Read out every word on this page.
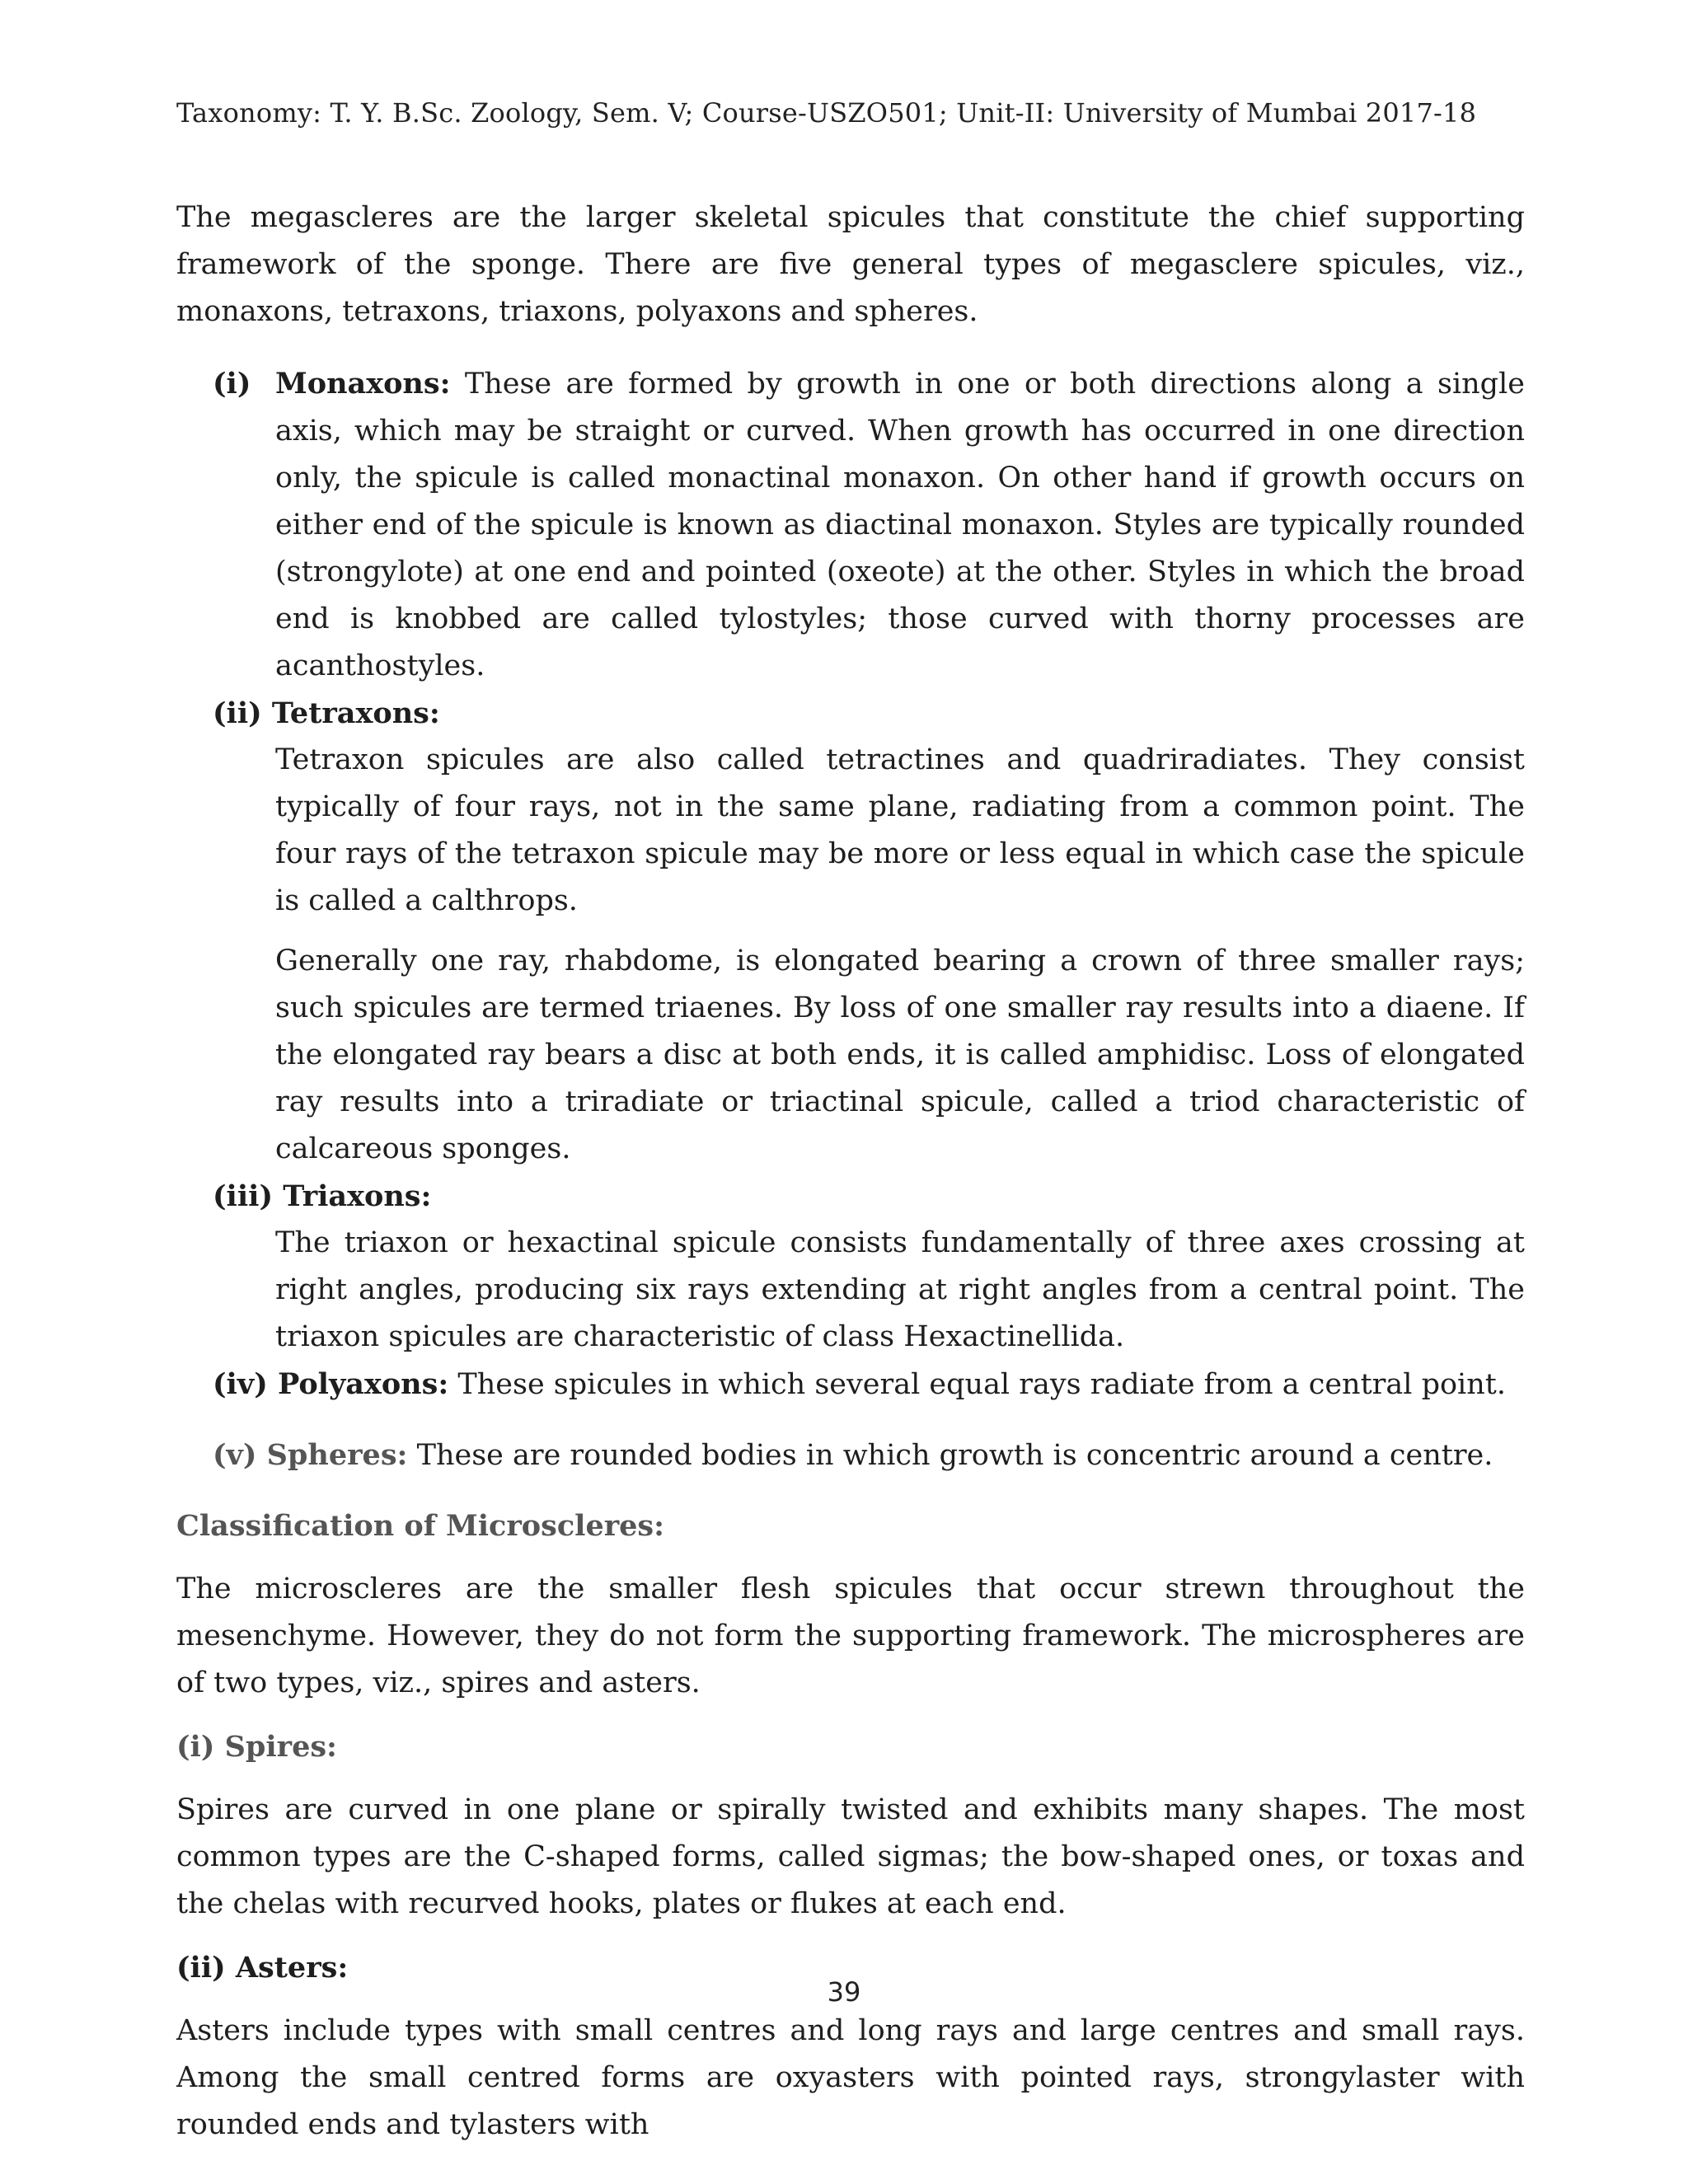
Taxonomy: T. Y. B.Sc. Zoology, Sem. V; Course-USZO501; Unit-II: University of Mumbai 2017-18

The megascleres are the larger skeletal spicules that constitute the chief supporting framework of the sponge. There are five general types of megasclere spicules, viz., monaxons, tetraxons, triaxons, polyaxons and spheres.

(i) Monaxons: These are formed by growth in one or both directions along a single axis, which may be straight or curved. When growth has occurred in one direction only, the spicule is called monactinal monaxon. On other hand if growth occurs on either end of the spicule is known as diactinal monaxon. Styles are typically rounded (strongylote) at one end and pointed (oxeote) at the other. Styles in which the broad end is knobbed are called tylostyles; those curved with thorny processes are acanthostyles.
(ii) Tetraxons:

Tetraxon spicules are also called tetractines and quadriradiates. They consist typically of four rays, not in the same plane, radiating from a common point. The four rays of the tetraxon spicule may be more or less equal in which case the spicule is called a calthrops.

Generally one ray, rhabdome, is elongated bearing a crown of three smaller rays; such spicules are termed triaenes. By loss of one smaller ray results into a diaene. If the elongated ray bears a disc at both ends, it is called amphidisc. Loss of elongated ray results into a triradiate or triactinal spicule, called a triod characteristic of calcareous sponges.

(iii) Triaxons:

The triaxon or hexactinal spicule consists fundamentally of three axes crossing at right angles, producing six rays extending at right angles from a central point. The triaxon spicules are characteristic of class Hexactinellida.

(iv) Polyaxons: These spicules in which several equal rays radiate from a central point.
(v) Spheres: These are rounded bodies in which growth is concentric around a centre.

Classification of Microscleres:

The microscleres are the smaller flesh spicules that occur strewn throughout the mesenchyme. However, they do not form the supporting framework. The microspheres are of two types, viz., spires and asters.

(i) Spires:

Spires are curved in one plane or spirally twisted and exhibits many shapes. The most common types are the C-shaped forms, called sigmas; the bow-shaped ones, or toxas and the chelas with recurved hooks, plates or flukes at each end.

(ii) Asters:

Asters include types with small centres and long rays and large centres and small rays. Among the small centred forms are oxyasters with pointed rays, strongylaster with rounded ends and tylasters with

39
